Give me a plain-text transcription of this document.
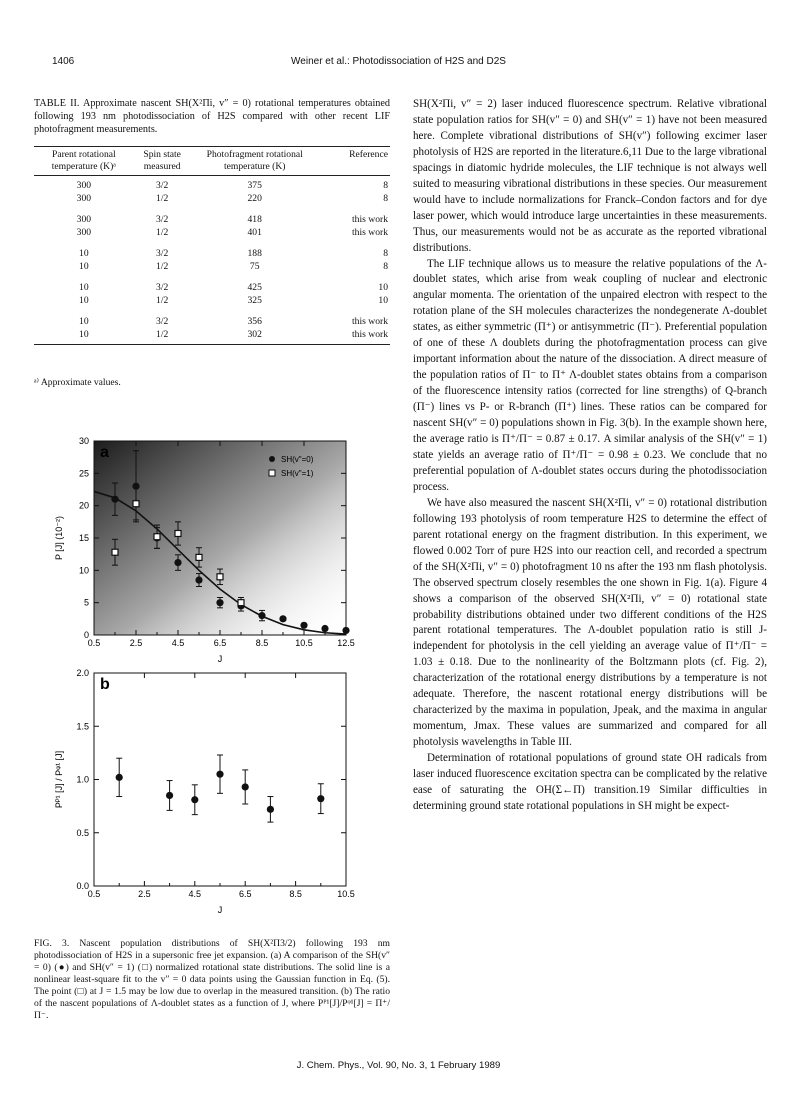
1406	Weiner et al.: Photodissociation of H2S and D2S
TABLE II. Approximate nascent SH(X²Πi, v″ = 0) rotational temperatures obtained following 193 nm photodissociation of H2S compared with other recent LIF photofragment measurements.
Parent rotational temperature (K)ᵃ	Spin state measured	Photofragment rotational temperature (K)	Reference
300	3/2	375	8
300	1/2	220	8

300	3/2	418	this work
300	1/2	401	this work

10	3/2	188	8
10	1/2	75	8

10	3/2	425	10
10	1/2	325	10

10	3/2	356	this work
10	1/2	302	this work
ᵃ⁾ Approximate values.
0
5
10
15
20
25
30
0.5	2.5	4.5	6.5	8.5	10.5	12.5
a
J
P [J] (10⁻²)
SH(v"=0)
SH(v"=1)
0.0
0.5
1.0
1.5
2.0
0.5	2.5	4.5	6.5	8.5	10.5
b
J
Pᴾ¹ [J] / Pᵠ¹ [J]
FIG. 3. Nascent population distributions of SH(X²Π3/2) following 193 nm photodissociation of H2S in a supersonic free jet expansion. (a) A comparison of the SH(v″ = 0) (●) and SH(v″ = 1) (□) normalized rotational state distributions. The solid line is a nonlinear least-square fit to the v″ = 0 data points using the Gaussian function in Eq. (5). The point (□) at J = 1.5 may be low due to overlap in the measured transition. (b) The ratio of the nascent populations of Λ-doublet states as a function of J, where Pᴾ¹[J]/Pᵠ¹[J] = Π⁺/Π⁻.

SH(X²Πi, v″ = 2) laser induced fluorescence spectrum. Relative vibrational state population ratios for SH(v″ = 0) and SH(v″ = 1) have not been measured here. Complete vibrational distributions of SH(v″) following excimer laser photolysis of H2S are reported in the literature.6,11 Due to the large vibrational spacings in diatomic hydride molecules, the LIF technique is not always well suited to measuring vibrational distributions in these species. Our measurement would have to include normalizations for Franck–Condon factors and for dye laser power, which would introduce large uncertainties in these measurements. Thus, our measurements would not be as accurate as the reported vibrational distributions.

The LIF technique allows us to measure the relative populations of the Λ-doublet states, which arise from weak coupling of nuclear and electronic angular momenta. The orientation of the unpaired electron with respect to the rotation plane of the SH molecules characterizes the nondegenerate Λ-doublet states, as either symmetric (Π⁺) or antisymmetric (Π⁻). Preferential population of one of these Λ doublets during the photofragmentation process can give important information about the nature of the dissociation. A direct measure of the population ratios of Π⁻ to Π⁺ Λ-doublet states obtains from a comparison of the fluorescence intensity ratios (corrected for line strengths) of Q-branch (Π⁻) lines vs P- or R-branch (Π⁺) lines. These ratios can be compared for nascent SH(v″ = 0) populations shown in Fig. 3(b). In the example shown here, the average ratio is Π⁺/Π⁻ = 0.87 ± 0.17. A similar analysis of the SH(v″ = 1) state yields an average ratio of Π⁺/Π⁻ = 0.98 ± 0.23. We conclude that no preferential population of Λ-doublet states occurs during the photodissociation process.

We have also measured the nascent SH(X²Πi, v″ = 0) rotational distribution following 193 photolysis of room temperature H2S to determine the effect of parent rotational energy on the fragment distribution. In this experiment, we flowed 0.002 Torr of pure H2S into our reaction cell, and recorded a spectrum of the SH(X²Πi, v″ = 0) photofragment 10 ns after the 193 nm flash photolysis. The observed spectrum closely resembles the one shown in Fig. 1(a). Figure 4 shows a comparison of the observed SH(X²Πi, v″ = 0) rotational state probability distributions obtained under two different conditions of the H2S parent rotational temperatures. The Λ-doublet population ratio is still J-independent for photolysis in the cell yielding an average value of Π⁺/Π⁻ = 1.03 ± 0.18. Due to the nonlinearity of the Boltzmann plots (cf. Fig. 2), characterization of the rotational energy distributions by a temperature is not adequate. Therefore, the nascent rotational energy distributions will be characterized by the maxima in population, Jpeak, and the maxima in angular momentum, Jmax. These values are summarized and compared for all photolysis wavelengths in Table III.

Determination of rotational populations of ground state OH radicals from laser induced fluorescence excitation spectra can be complicated by the relative ease of saturating the OH(Σ←Π) transition.19 Similar difficulties in determining ground state rotational populations in SH might be expect-

J. Chem. Phys., Vol. 90, No. 3, 1 February 1989
